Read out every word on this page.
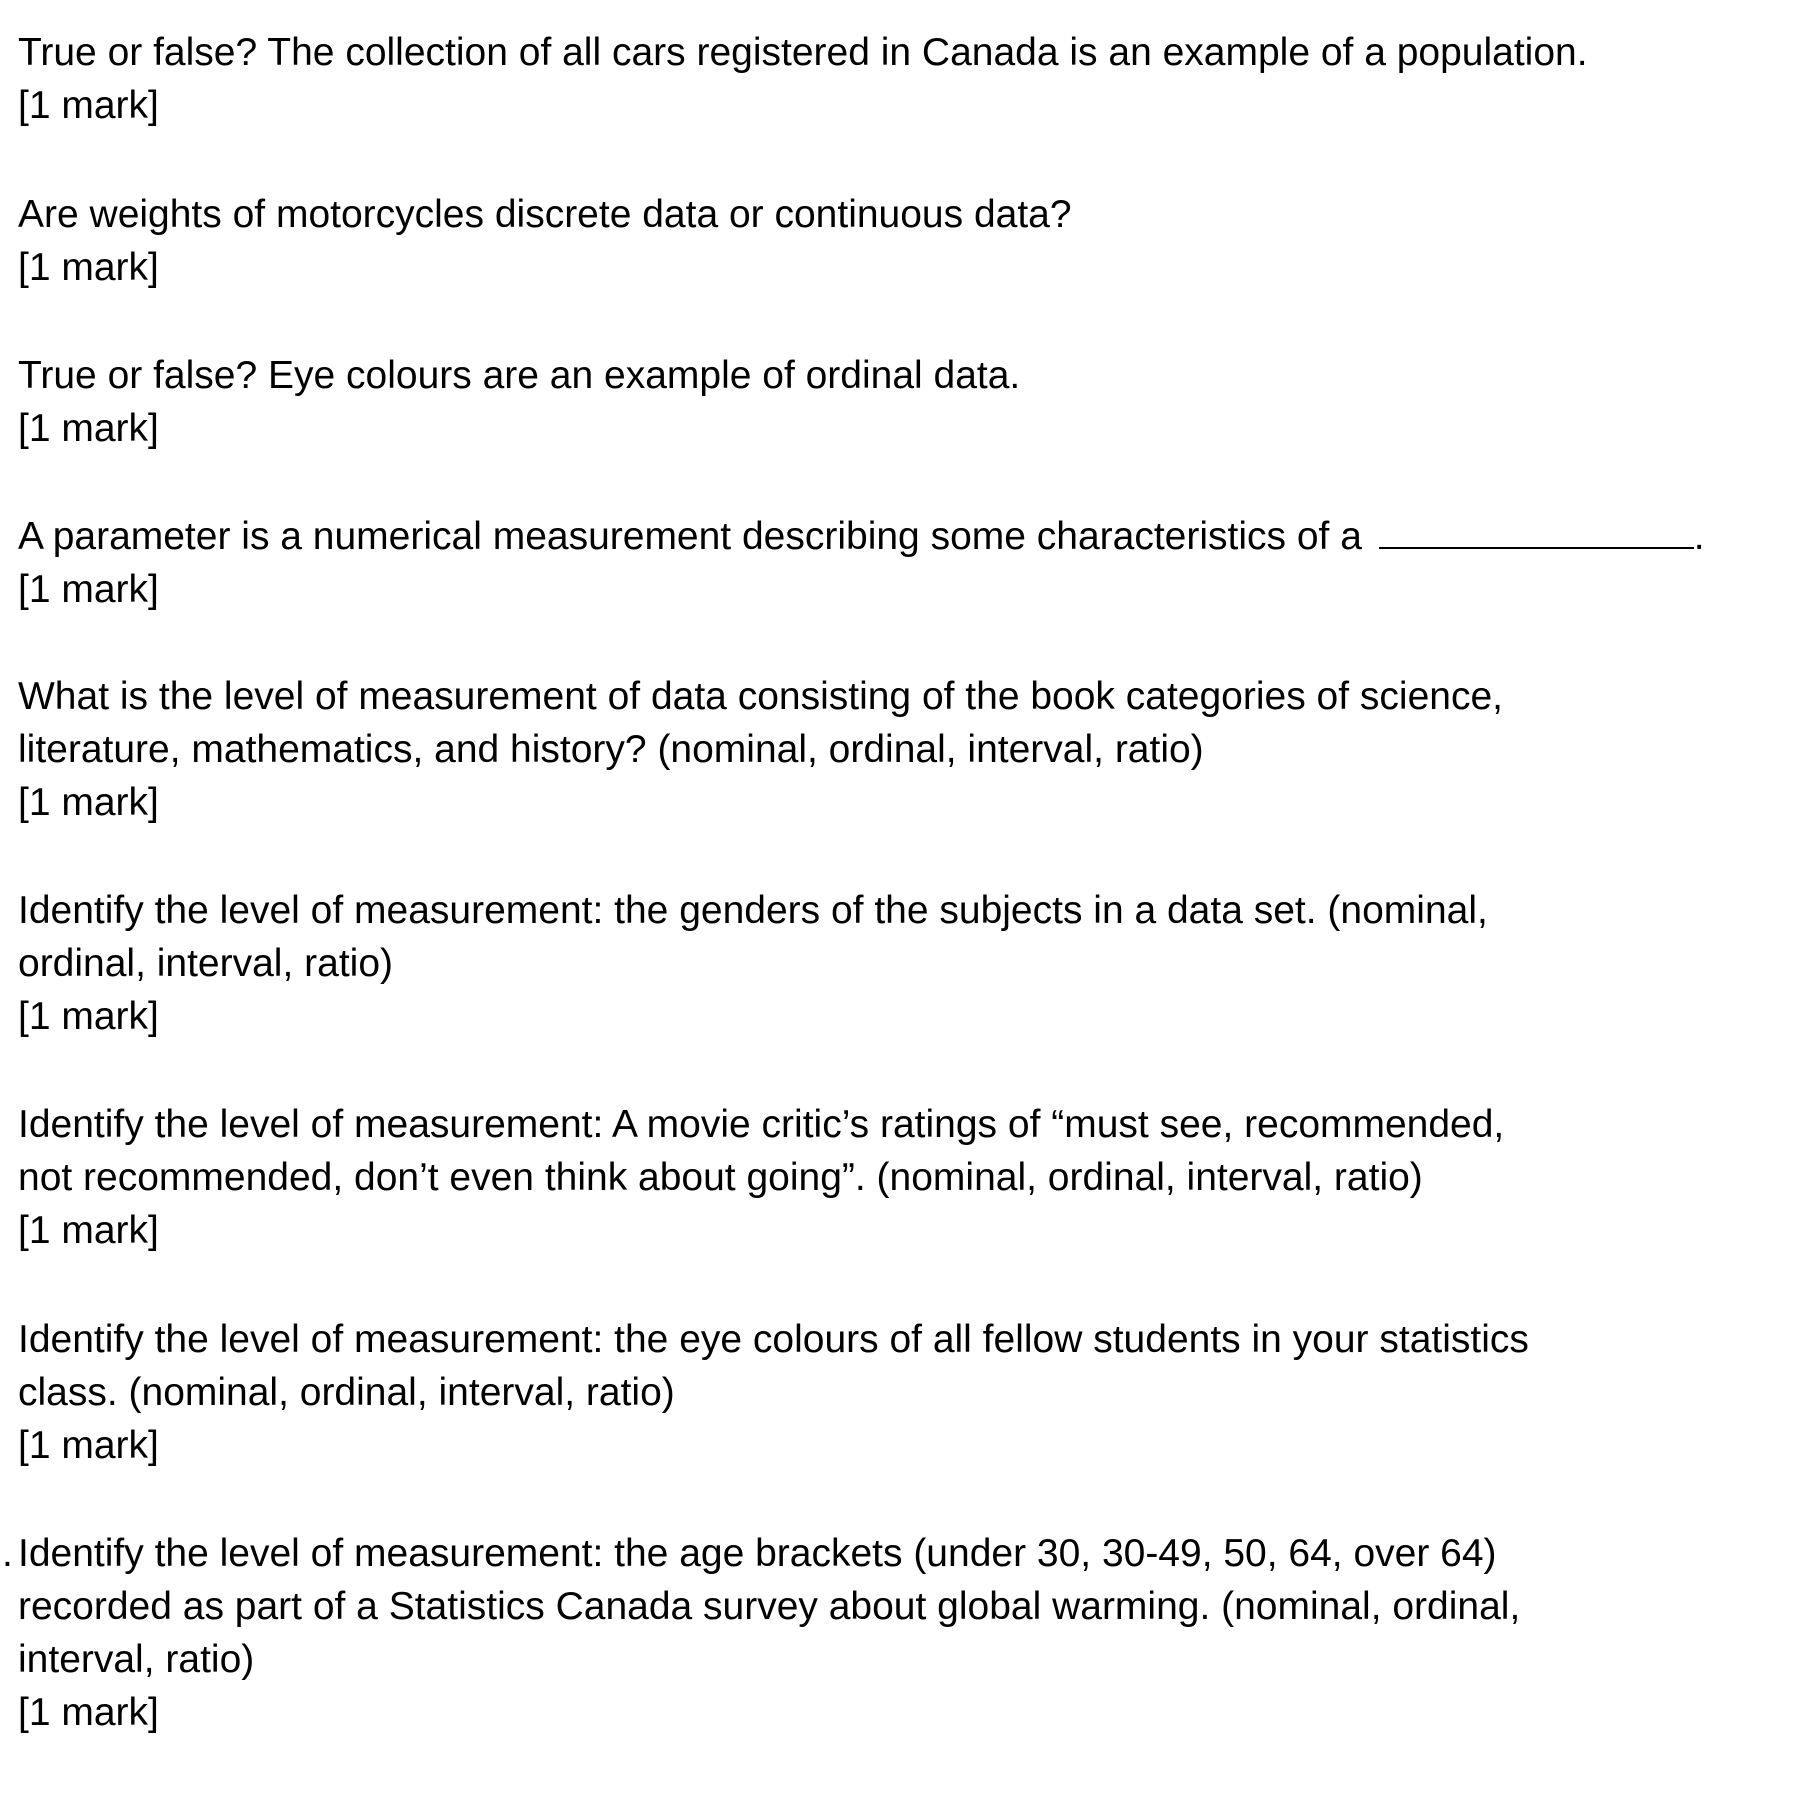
True or false? The collection of all cars registered in Canada is an example of a population.
[1 mark]
Are weights of motorcycles discrete data or continuous data?
[1 mark]
True or false? Eye colours are an example of ordinal data.
[1 mark]
A parameter is a numerical measurement describing some characteristics of a	.
[1 mark]
What is the level of measurement of data consisting of the book categories of science,
literature, mathematics, and history? (nominal, ordinal, interval, ratio)
[1 mark]
Identify the level of measurement: the genders of the subjects in a data set. (nominal,
ordinal, interval, ratio)
[1 mark]
Identify the level of measurement: A movie critic’s ratings of “must see, recommended,
not recommended, don’t even think about going”. (nominal, ordinal, interval, ratio)
[1 mark]
Identify the level of measurement: the eye colours of all fellow students in your statistics
class. (nominal, ordinal, interval, ratio)
[1 mark]
. Identify the level of measurement: the age brackets (under 30, 30-49, 50, 64, over 64)
recorded as part of a Statistics Canada survey about global warming. (nominal, ordinal,
interval, ratio)
[1 mark]
